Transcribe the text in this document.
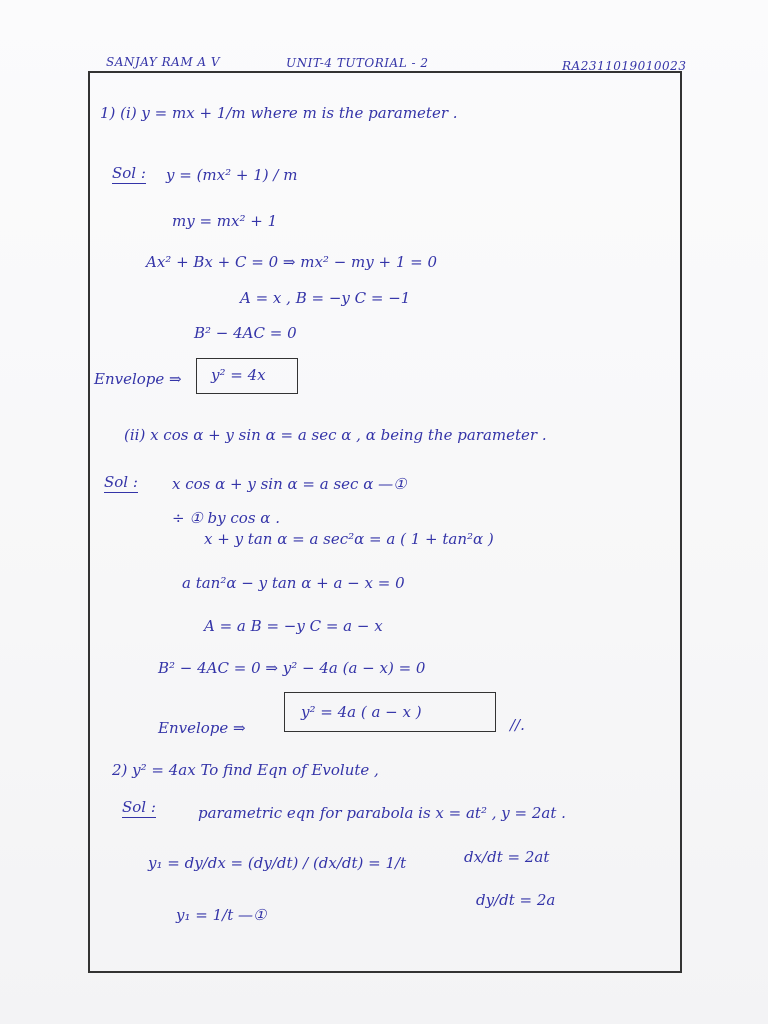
SANJAY RAM A V	UNIT-4 TUTORIAL - 2	RA2311019010023
1) (i) y = mx + 1/m where m is the parameter .
Sol : y = (mx² + 1) / m
my = mx² + 1
Ax² + Bx + C = 0 ⇒ mx² − my + 1 = 0
A = x , B = −y C = −1
B² − 4AC = 0
Envelope ⇒ y² = 4x
(ii) x cos α + y sin α = a sec α , α being the parameter .
Sol : x cos α + y sin α = a sec α —①
÷ ① by cos α .
x + y tan α = a sec²α = a ( 1 + tan²α )
a tan²α − y tan α + a − x = 0
A = a B = −y C = a − x
B² − 4AC = 0 ⇒ y² − 4a (a − x) = 0
Envelope ⇒
y² = 4a ( a − x )
//.
2) y² = 4ax To find Eqn of Evolute ,
Sol :	parametric eqn for parabola is x = at² , y = 2at .
y₁ = dy/dx = (dy/dt) / (dx/dt) = 1/t	dx/dt = 2at
dy/dt = 2a
y₁ = 1/t —①
